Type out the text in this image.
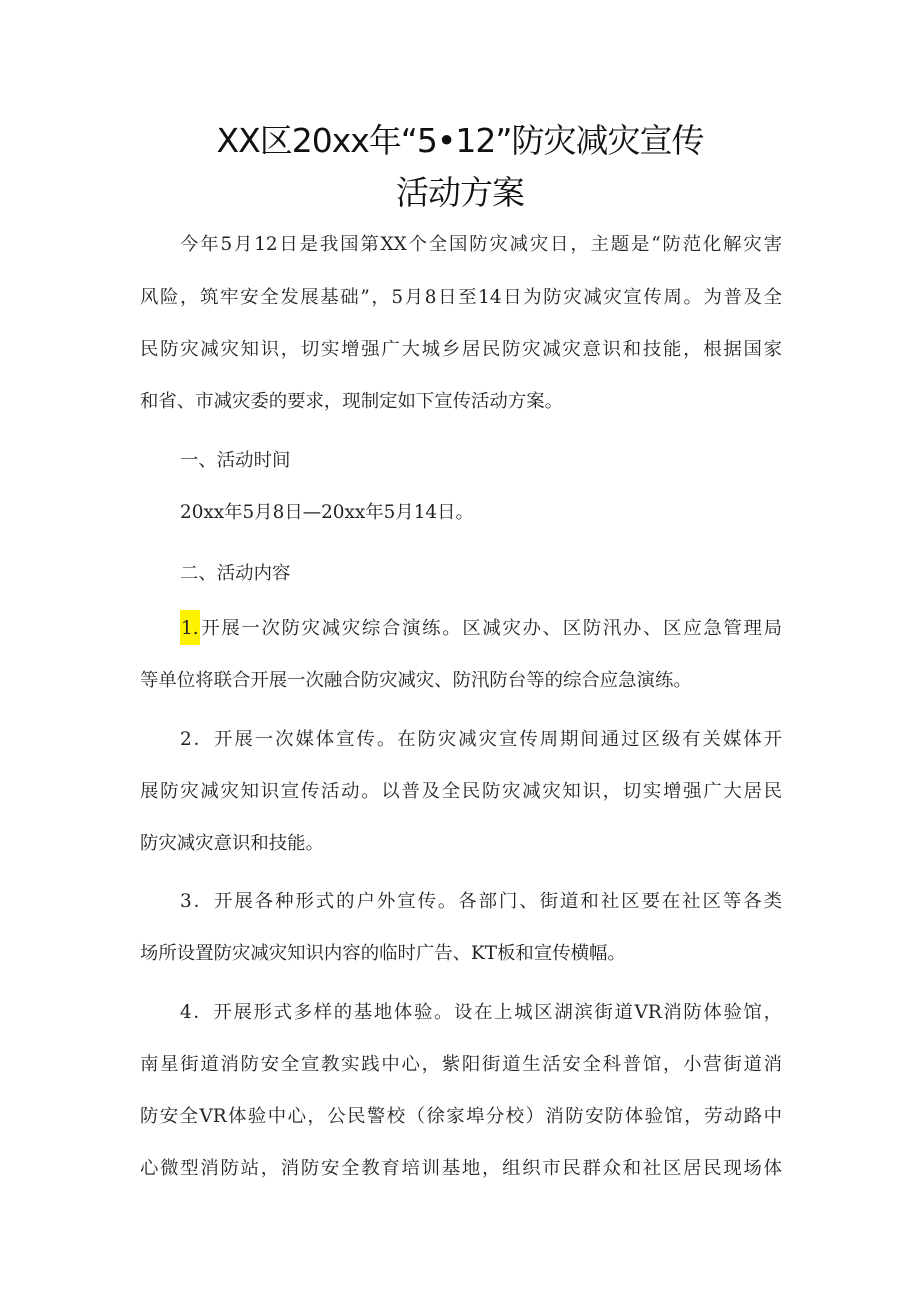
XX区20xx年“5•12”防灾减灾宣传
活动方案
今年5月12日是我国第XX个全国防灾减灾日，主题是“防范化解灾害
风险，筑牢安全发展基础”，5月8日至14日为防灾减灾宣传周。为普及全
民防灾减灾知识，切实增强广大城乡居民防灾减灾意识和技能，根据国家
和省、市减灾委的要求，现制定如下宣传活动方案。
一、活动时间
20xx年5月8日—20xx年5月14日。
二、活动内容
1.开展一次防灾减灾综合演练。区减灾办、区防汛办、区应急管理局
等单位将联合开展一次融合防灾减灾、防汛防台等的综合应急演练。
2．开展一次媒体宣传。在防灾减灾宣传周期间通过区级有关媒体开
展防灾减灾知识宣传活动。以普及全民防灾减灾知识，切实增强广大居民
防灾减灾意识和技能。
3．开展各种形式的户外宣传。各部门、街道和社区要在社区等各类
场所设置防灾减灾知识内容的临时广告、KT板和宣传横幅。
4．开展形式多样的基地体验。设在上城区湖滨街道VR消防体验馆，
南星街道消防安全宣教实践中心，紫阳街道生活安全科普馆，小营街道消
防安全VR体验中心，公民警校（徐家埠分校）消防安防体验馆，劳动路中
心微型消防站，消防安全教育培训基地，组织市民群众和社区居民现场体
